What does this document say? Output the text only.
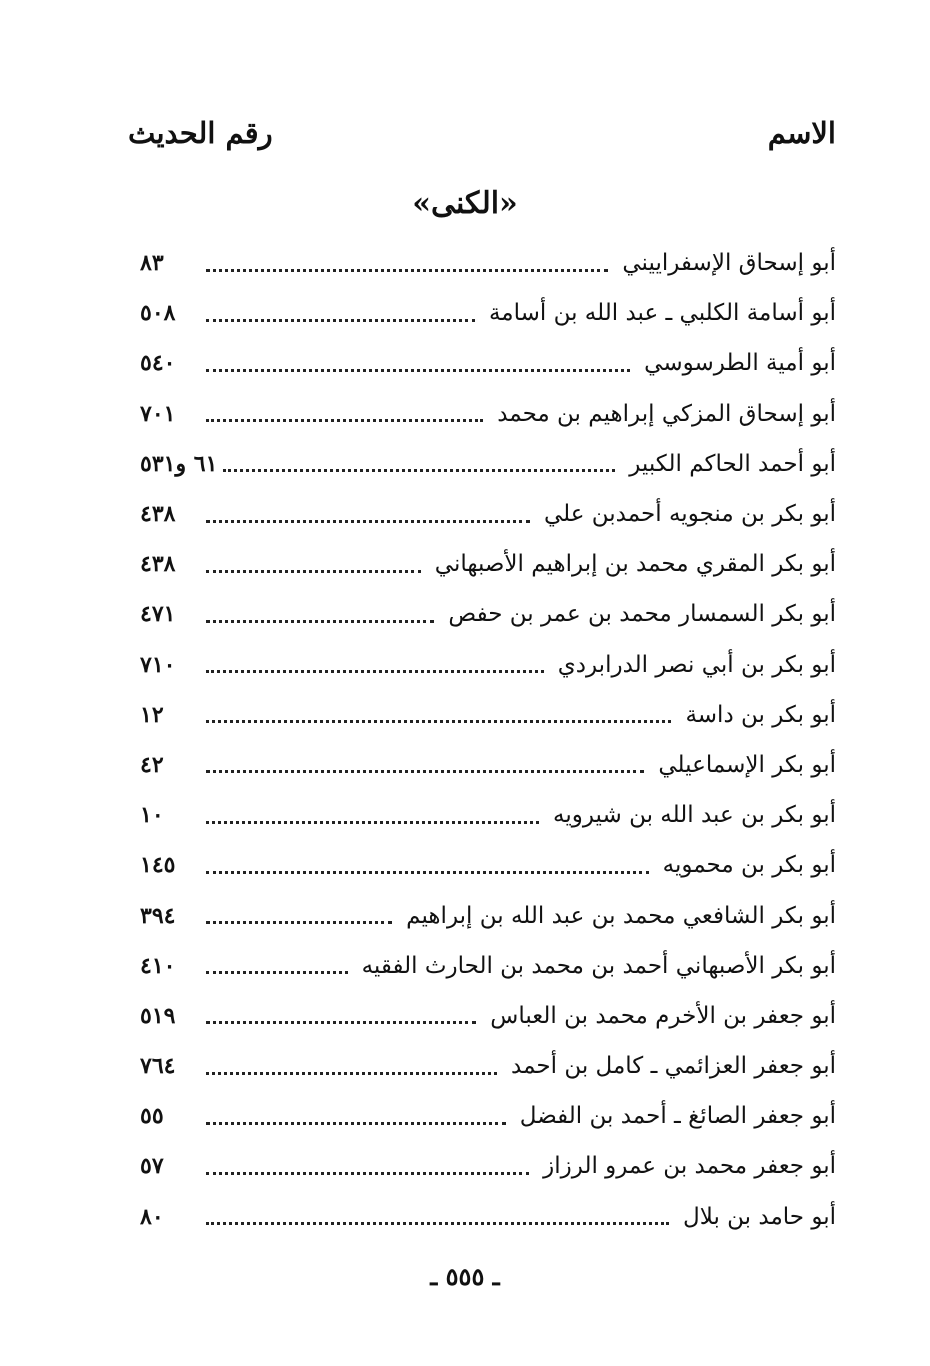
الاسم
رقم الحديث
«الكنى»
أبو إسحاق الإسفراييني
٨٣
أبو أسامة الكلبي ـ عبد الله بن أسامة
٥٠٨
أبو أمية الطرسوسي
٥٤٠
أبو إسحاق المزكي إبراهيم بن محمد
٧٠١
أبو أحمد الحاكم الكبير
٦١ و٥٣١
أبو بكر بن منجويه أحمدبن علي
٤٣٨
أبو بكر المقري محمد بن إبراهيم الأصبهاني
٤٣٨
أبو بكر السمسار محمد بن عمر بن حفص
٤٧١
أبو بكر بن أبي نصر الدرابردي
٧١٠
أبو بكر بن داسة
١٢
أبو بكر الإسماعيلي
٤٢
أبو بكر بن عبد الله بن شيرويه
١٠
أبو بكر بن محمويه
١٤٥
أبو بكر الشافعي محمد بن عبد الله بن إبراهيم
٣٩٤
أبو بكر الأصبهاني أحمد بن محمد بن الحارث الفقيه
٤١٠
أبو جعفر بن الأخرم محمد بن العباس
٥١٩
أبو جعفر العزائمي ـ كامل بن أحمد
٧٦٤
أبو جعفر الصائغ ـ أحمد بن الفضل
٥٥
أبو جعفر محمد بن عمرو الرزاز
٥٧
أبو حامد بن بلال
٨٠
ـ ٥٥٥ ـ
